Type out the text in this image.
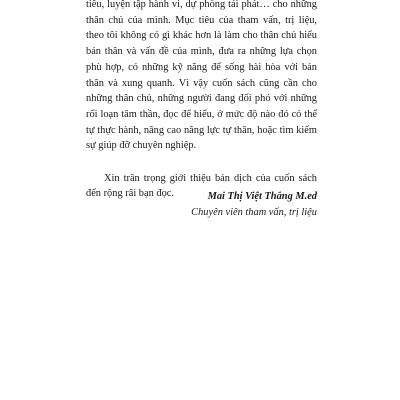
tiêu, luyện tập hành vi, dự phòng tái phát… cho những thân chủ của mình. Mục tiêu của tham vấn, trị liệu, theo tôi không có gì khác hơn là làm cho thân chủ hiểu bản thân và vấn đề của mình, đưa ra những lựa chọn phù hợp, có những kỹ năng để sống hài hòa với bản thân và xung quanh. Vì vậy cuốn sách cũng cần cho những thân chủ, những người đang đối phó với những rối loạn tâm thần, đọc để hiểu, ở mức độ nào đó có thể tự thực hành, nâng cao năng lực tự thân, hoặc tìm kiếm sự giúp đỡ chuyên nghiệp.

Xin trân trọng giới thiệu bản dịch của cuốn sách đến rộng rãi bạn đọc.	Mai Thị Việt Thắng M.ed
Chuyên viên tham vấn, trị liệu
